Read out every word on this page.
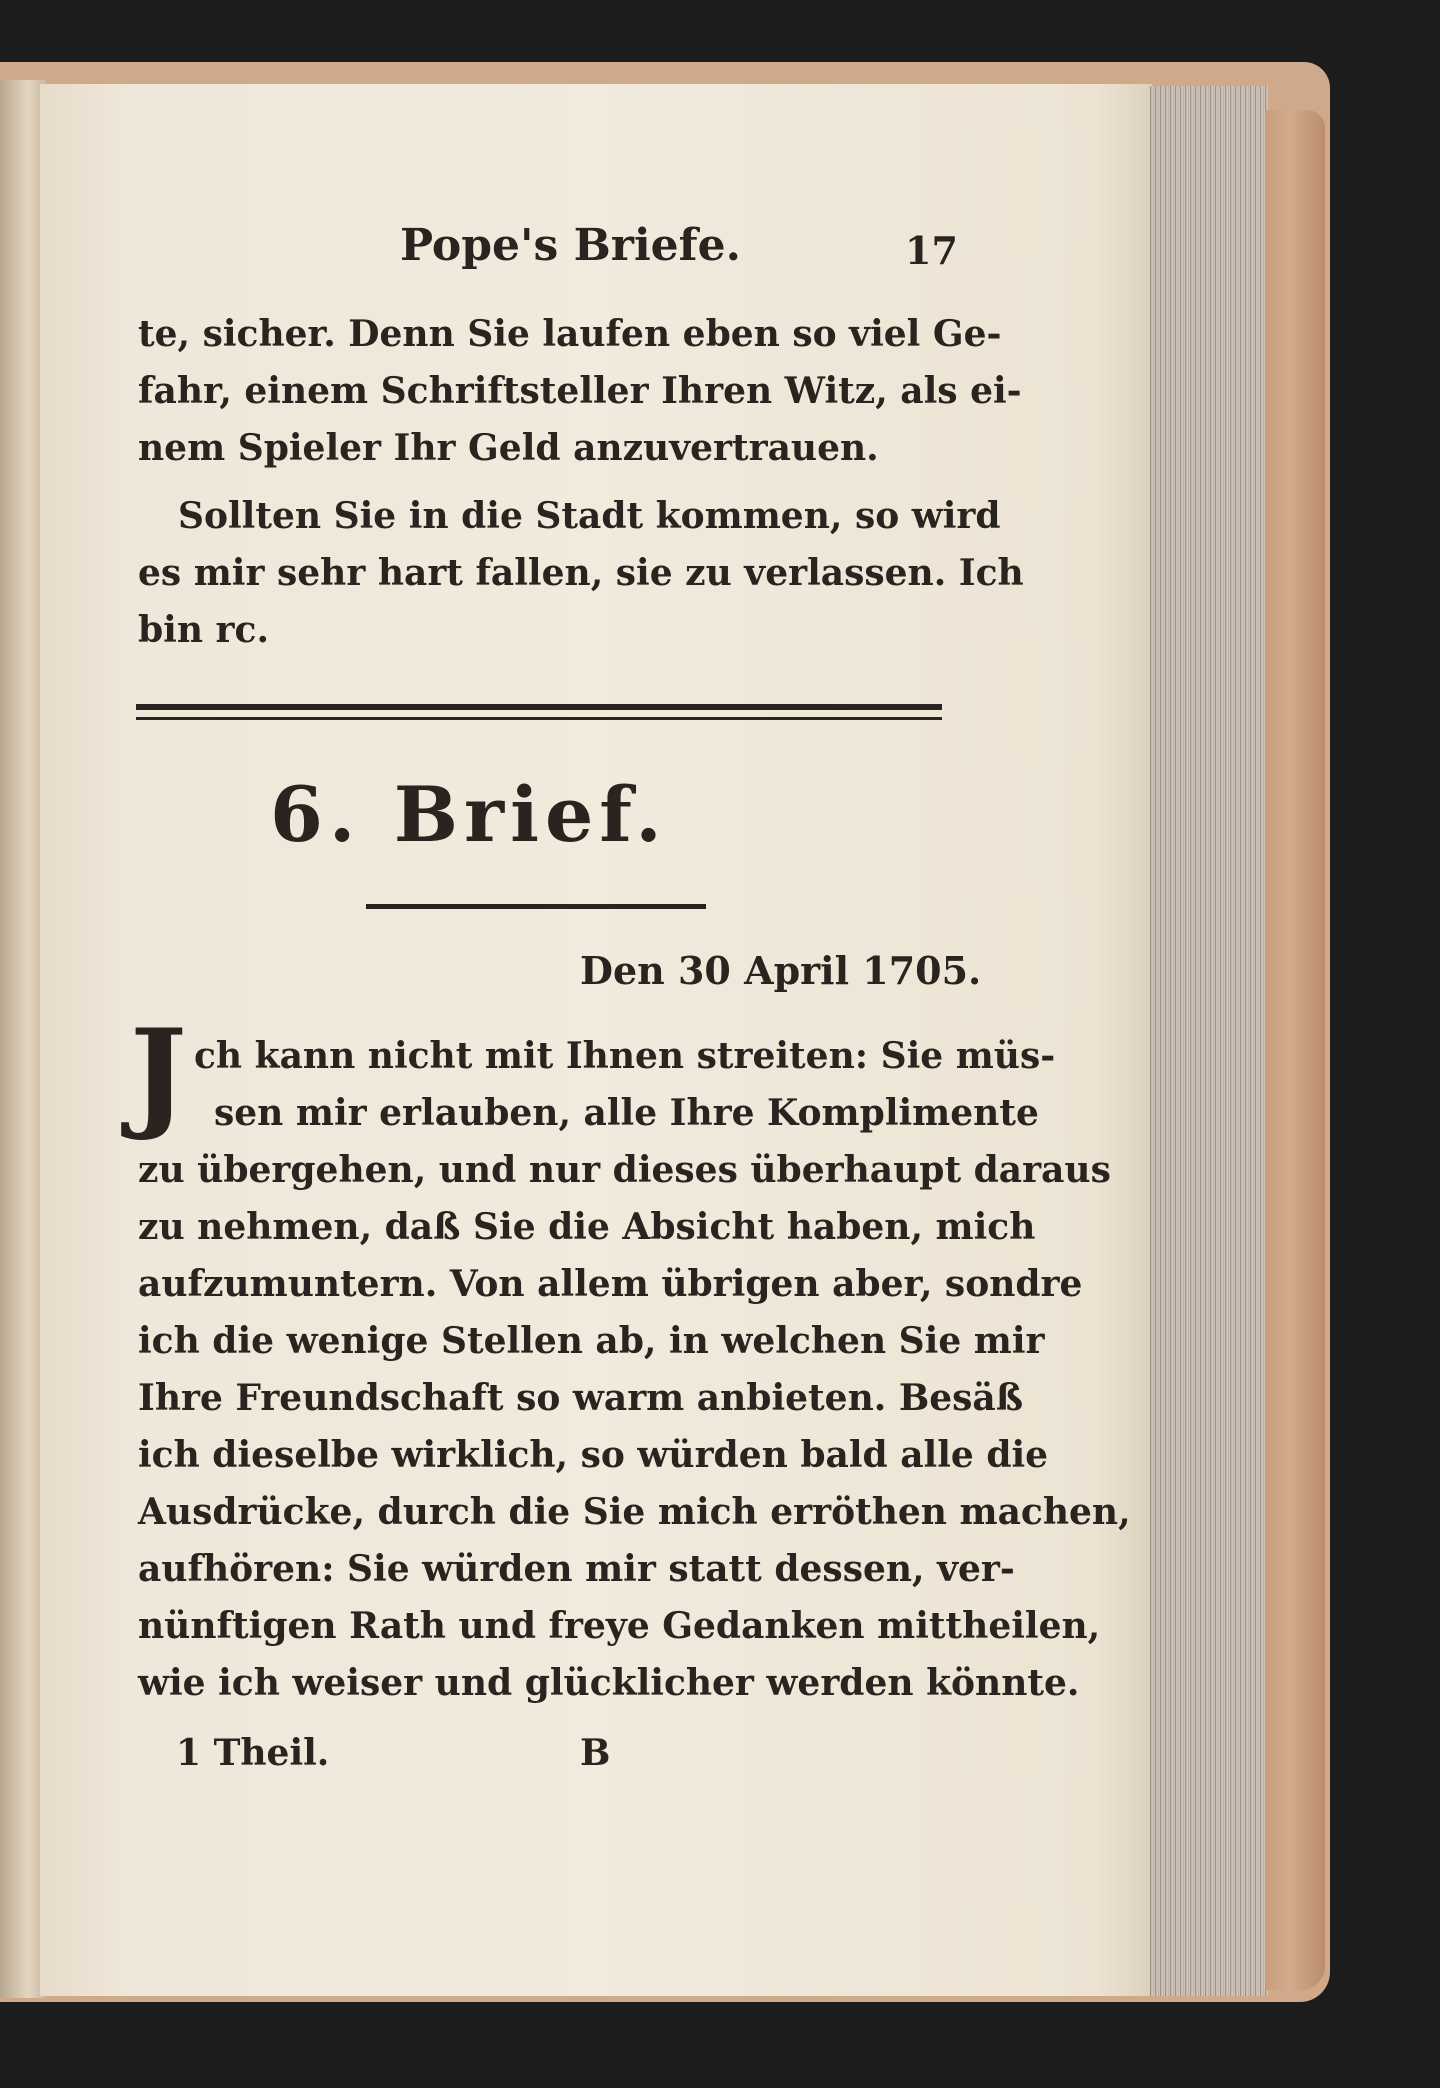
Pope's Briefe.	17
te, sicher. Denn Sie laufen eben so viel Ge-
fahr, einem Schriftsteller Ihren Witz, als ei-
nem Spieler Ihr Geld anzuvertrauen.
Sollten Sie in die Stadt kommen, so wird
es mir sehr hart fallen, sie zu verlassen. Ich
bin rc.
6. Brief.
Den 30 April 1705.
J ch kann nicht mit Ihnen streiten: Sie müs-
sen mir erlauben, alle Ihre Komplimente
zu übergehen, und nur dieses überhaupt daraus
zu nehmen, daß Sie die Absicht haben, mich
aufzumuntern. Von allem übrigen aber, sondre
ich die wenige Stellen ab, in welchen Sie mir
Ihre Freundschaft so warm anbieten. Besäß
ich dieselbe wirklich, so würden bald alle die
Ausdrücke, durch die Sie mich erröthen machen,
aufhören: Sie würden mir statt dessen, ver-
nünftigen Rath und freye Gedanken mittheilen,
wie ich weiser und glücklicher werden könnte.
1 Theil.	B
